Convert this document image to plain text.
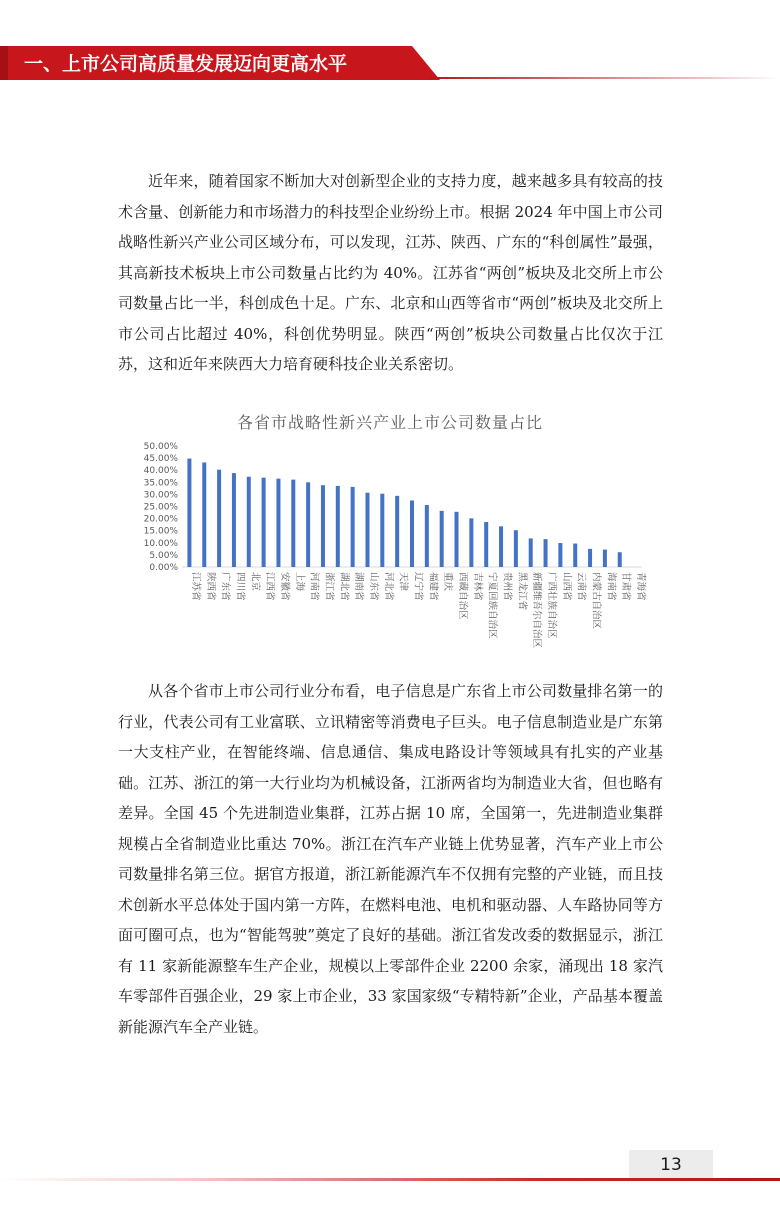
一、上市公司高质量发展迈向更高水平

近年来，随着国家不断加大对创新型企业的支持力度，越来越多具有较高的技术含量、创新能力和市场潜力的科技型企业纷纷上市。根据 2024 年中国上市公司战略性新兴产业公司区域分布，可以发现，江苏、陕西、广东的“科创属性”最强，其高新技术板块上市公司数量占比约为 40%。江苏省“两创”板块及北交所上市公司数量占比一半，科创成色十足。广东、北京和山西等省市“两创”板块及北交所上市公司占比超过 40%，科创优势明显。陕西“两创”板块公司数量占比仅次于江苏，这和近年来陕西大力培育硬科技企业关系密切。

各省市战略性新兴产业上市公司数量占比
50.00%
45.00%
40.00%
35.00%
30.00%
25.00%
20.00%
15.00%
10.00%
5.00%
0.00%
江苏省 陕西省 广东省 四川省 北京 江西省 安徽省 上海 河南省 浙江省 湖北省 湖南省 山东省 河北省 天津 辽宁省 福建省 重庆 西藏自治区 吉林省 宁夏回族自治区 贵州省 黑龙江省 新疆维吾尔自治区 广西壮族自治区 山西省 云南省 内蒙古自治区 海南省 甘肃省 青海省

从各个省市上市公司行业分布看，电子信息是广东省上市公司数量排名第一的行业，代表公司有工业富联、立讯精密等消费电子巨头。电子信息制造业是广东第一大支柱产业，在智能终端、信息通信、集成电路设计等领域具有扎实的产业基础。江苏、浙江的第一大行业均为机械设备，江浙两省均为制造业大省，但也略有差异。全国 45 个先进制造业集群，江苏占据 10 席，全国第一，先进制造业集群规模占全省制造业比重达 70%。浙江在汽车产业链上优势显著，汽车产业上市公司数量排名第三位。据官方报道，浙江新能源汽车不仅拥有完整的产业链，而且技术创新水平总体处于国内第一方阵，在燃料电池、电机和驱动器、人车路协同等方面可圈可点，也为“智能驾驶”奠定了良好的基础。浙江省发改委的数据显示，浙江有 11 家新能源整车生产企业，规模以上零部件企业 2200 余家，涌现出 18 家汽车零部件百强企业，29 家上市企业，33 家国家级“专精特新”企业，产品基本覆盖新能源汽车全产业链。

13
